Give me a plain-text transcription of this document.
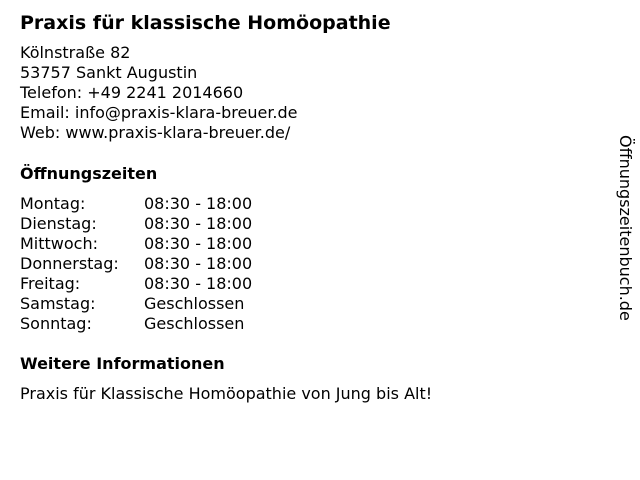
Praxis für klassische Homöopathie
Kölnstraße 82
53757 Sankt Augustin
Telefon: +49 2241 2014660
Email: info@praxis-klara-breuer.de
Web: www.praxis-klara-breuer.de/
Öffnungszeiten
Montag:	08:30 - 18:00
Dienstag:	08:30 - 18:00
Mittwoch:	08:30 - 18:00
Donnerstag: 08:30 - 18:00
Freitag:	08:30 - 18:00
Samstag:	Geschlossen
Sonntag:	Geschlossen
Weitere Informationen
Praxis für Klassische Homöopathie von Jung bis Alt!
Öffnungszeitenbuch.de
